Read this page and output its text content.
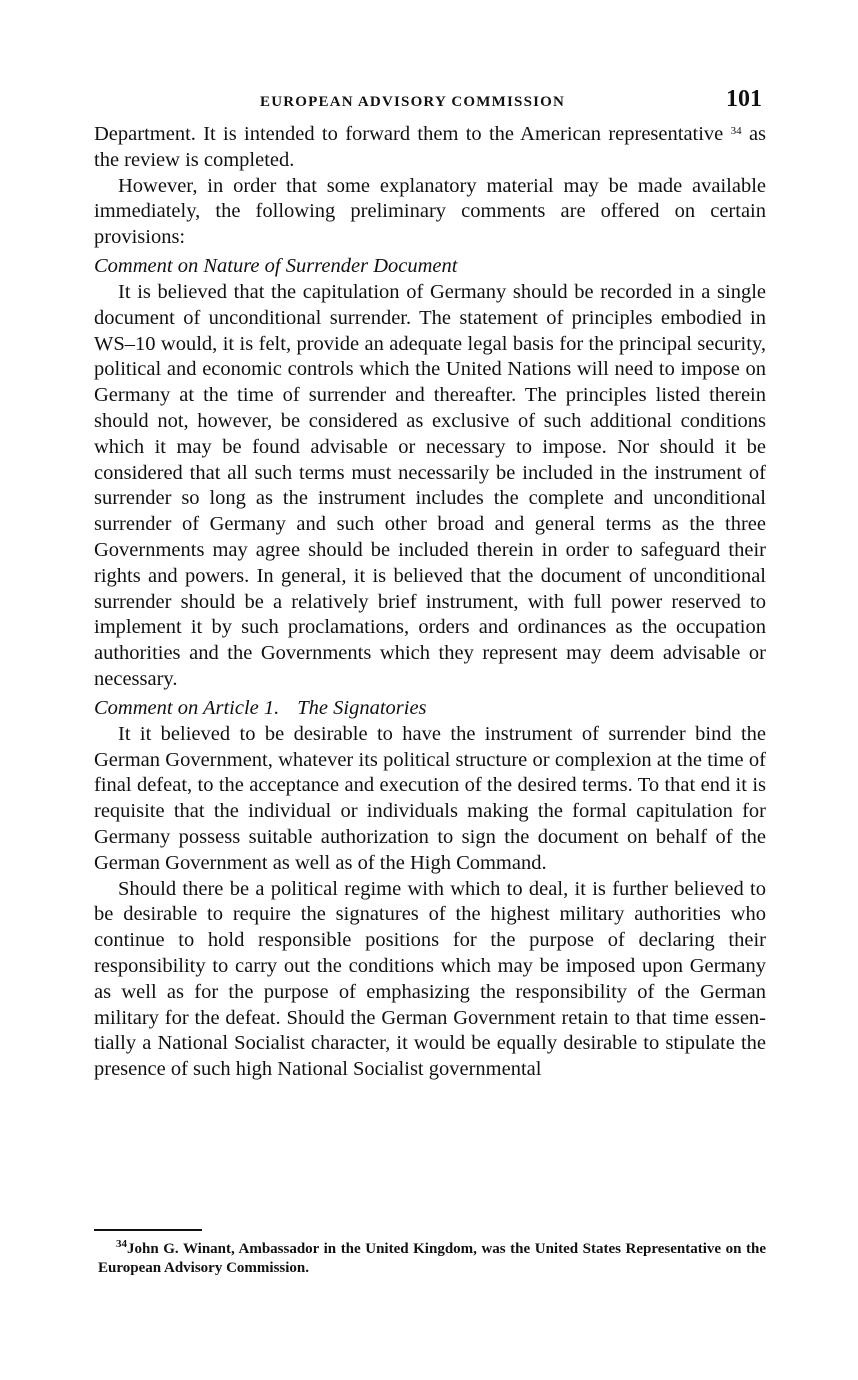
EUROPEAN ADVISORY COMMISSION	101

Department. It is intended to forward them to the American representative $^{34}$ as the review is completed.

However, in order that some explanatory material may be made available immediately, the following preliminary comments are offered on certain provisions:

Comment on Nature of Surrender Document

It is believed that the capitulation of Germany should be recorded in a single document of unconditional surrender. The statement of principles embodied in WS–10 would, it is felt, provide an adequate legal basis for the principal security, political and economic controls which the United Nations will need to impose on Germany at the time of surrender and thereafter. The principles listed therein should not, however, be considered as exclusive of such additional conditions which it may be found advisable or necessary to impose. Nor should it be considered that all such terms must necessarily be included in the instrument of surrender so long as the instrument includes the complete and unconditional surrender of Germany and such other broad and general terms as the three Governments may agree should be included therein in order to safeguard their rights and powers. In general, it is believed that the document of unconditional surrender should be a relatively brief instrument, with full power reserved to implement it by such proclamations, orders and ordinances as the occupation authorities and the Governments which they represent may deem advisable or necessary.

Comment on Article 1. The Signatories

It it believed to be desirable to have the instrument of surrender bind the German Government, whatever its political structure or complexion at the time of final defeat, to the acceptance and execution of the desired terms. To that end it is requisite that the individual or individuals making the formal capitulation for Germany possess suitable authorization to sign the document on behalf of the German Government as well as of the High Command.

Should there be a political regime with which to deal, it is further believed to be desirable to require the signatures of the highest military authorities who continue to hold responsible positions for the purpose of declaring their responsibility to carry out the conditions which may be imposed upon Germany as well as for the purpose of emphasizing the responsibility of the German military for the defeat. Should the German Government retain to that time essentially a National Socialist character, it would be equally desirable to stipulate the presence of such high National Socialist governmental

$^{34}$John G. Winant, Ambassador in the United Kingdom, was the United States Representative on the European Advisory Commission.
